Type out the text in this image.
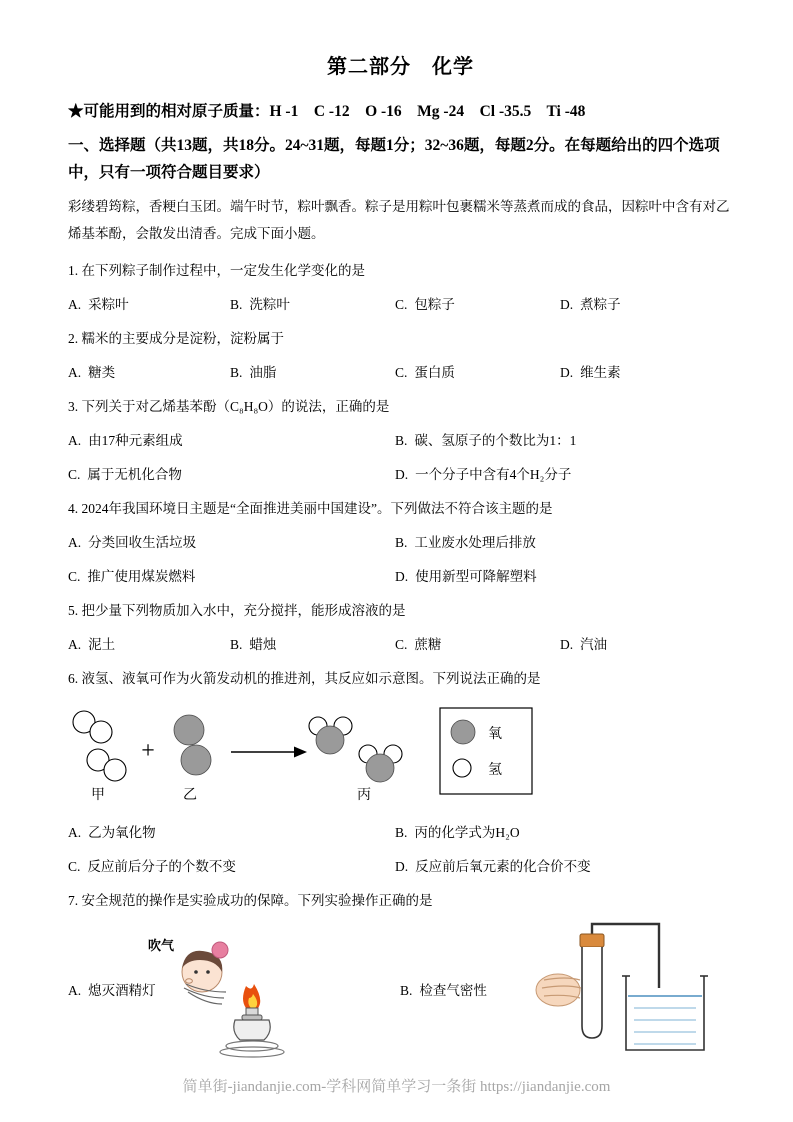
第二部分　化学
★可能用到的相对原子质量：H -1    C -12    O -16    Mg -24    Cl -35.5    Ti -48
一、选择题（共13题，共18分。24~31题，每题1分；32~36题，每题2分。在每题给出的四个选项中，只有一项符合题目要求）
彩缕碧筠粽，香粳白玉团。端午时节，粽叶飘香。粽子是用粽叶包裹糯米等蒸煮而成的食品，因粽叶中含有对乙烯基苯酚，会散发出清香。完成下面小题。
1. 在下列粽子制作过程中，一定发生化学变化的是
A. 采粽叶	B. 洗粽叶	C. 包粽子	D. 煮粽子
2. 糯米的主要成分是淀粉，淀粉属于
A. 糖类	B. 油脂	C. 蛋白质	D. 维生素
3. 下列关于对乙烯基苯酚（C₈H₈O）的说法，正确的是
A. 由17种元素组成	B. 碳、氢原子的个数比为1：1
C. 属于无机化合物	D. 一个分子中含有4个H₂分子
4. 2024年我国环境日主题是“全面推进美丽中国建设”。下列做法不符合该主题的是
A. 分类回收生活垃圾	B. 工业废水处理后排放
C. 推广使用煤炭燃料	D. 使用新型可降解塑料
5. 把少量下列物质加入水中，充分搅拌，能形成溶液的是
A. 泥土	B. 蜡烛	C. 蔗糖	D. 汽油
6. 液氢、液氧可作为火箭发动机的推进剂，其反应如示意图。下列说法正确的是
甲
+
乙	丙
氧
氢
A. 乙为氧化物	B. 丙的化学式为H₂O
C. 反应前后分子的个数不变	D. 反应前后氧元素的化合价不变
7. 安全规范的操作是实验成功的保障。下列实验操作正确的是
A. 熄灭酒精灯
吹气
B. 检查气密性
简单街-jiandanjie.com-学科网简单学习一条街 https://jiandanjie.com
